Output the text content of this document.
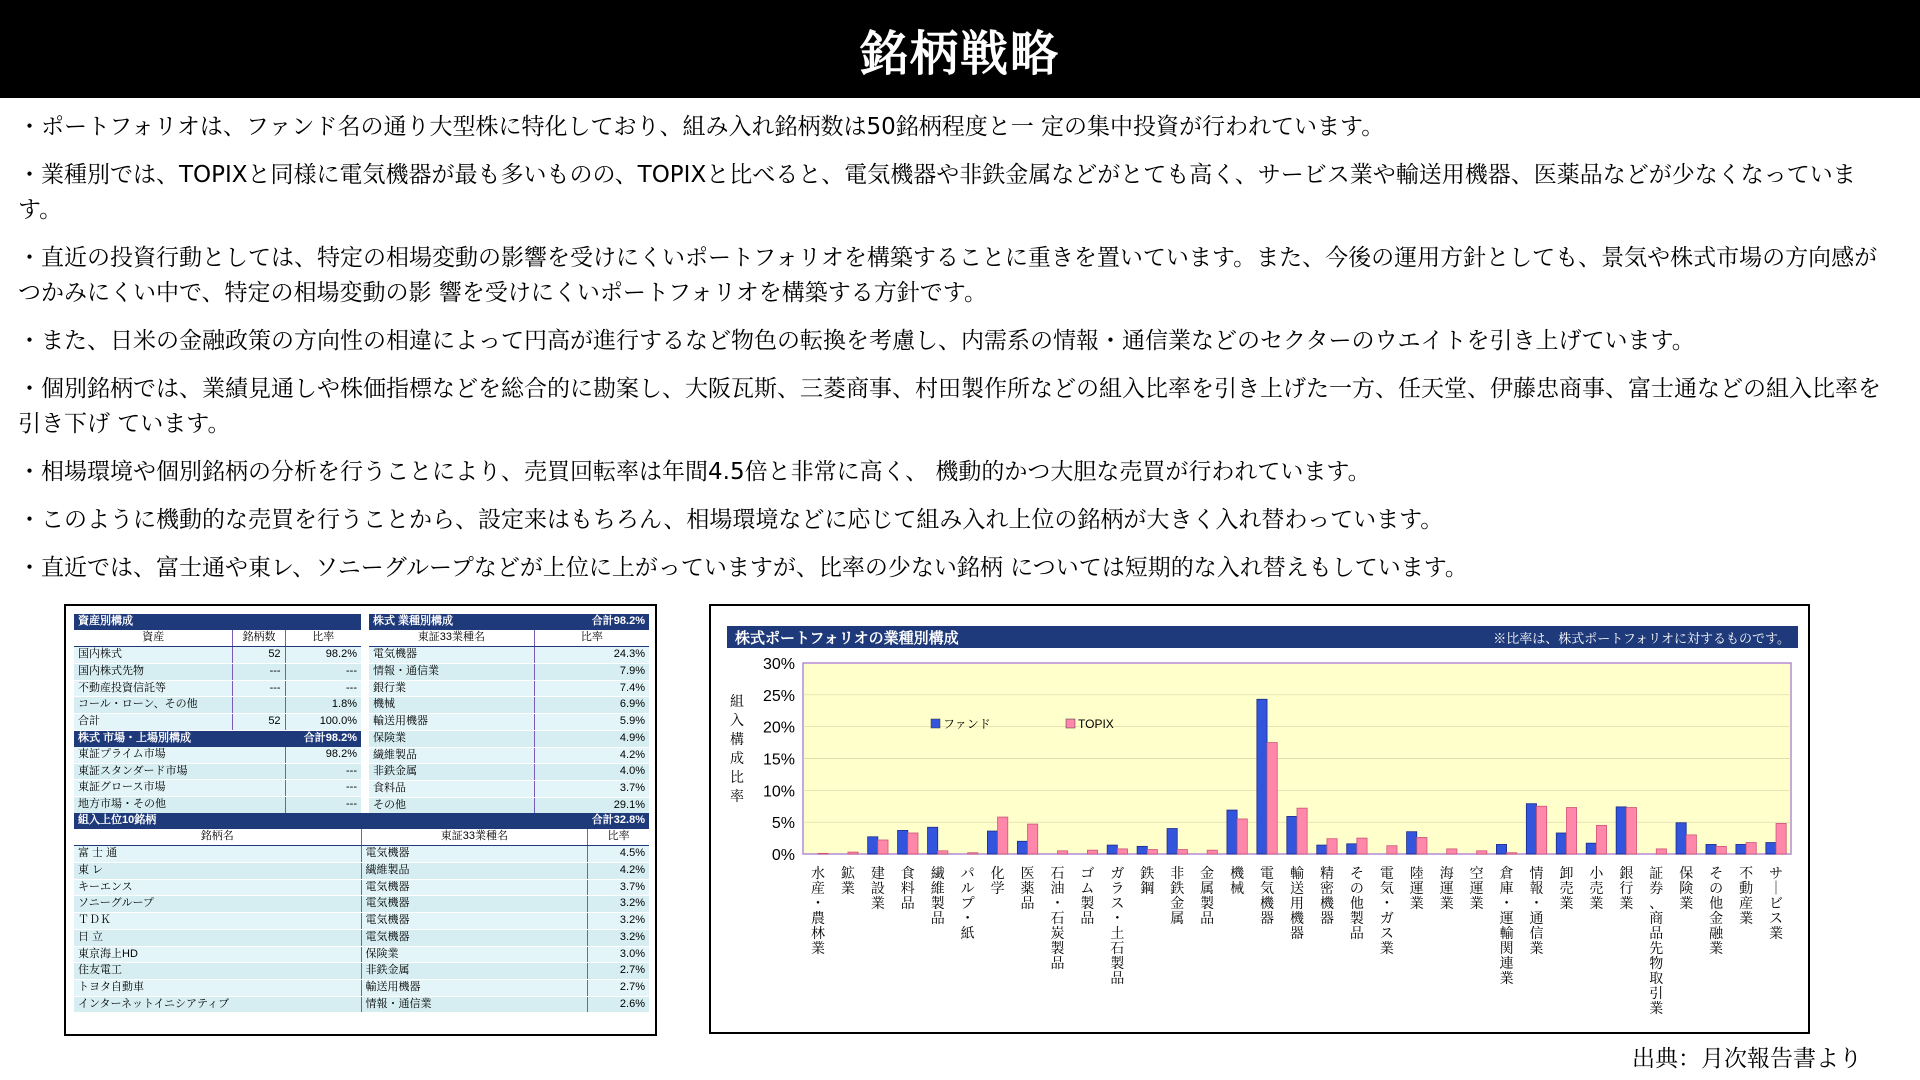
銘柄戦略

・ポートフォリオは、ファンド名の通り大型株に特化しており、組み入れ銘柄数は50銘柄程度と一 定の集中投資が行われています。

・業種別では、TOPIXと同様に電気機器が最も多いものの、TOPIXと比べると、電気機器や非鉄金属などがとても高く、サービス業や輸送用機器、医薬品などが少なくなっています。

・直近の投資行動としては、特定の相場変動の影響を受けにくいポートフォリオを構築することに重きを置いています。また、今後の運用方針としても、景気や株式市場の方向感がつかみにくい中で、特定の相場変動の影 響を受けにくいポートフォリオを構築する方針です。

・また、日米の金融政策の方向性の相違によって円高が進行するなど物色の転換を考慮し、内需系の情報・通信業などのセクターのウエイトを引き上げています。

・個別銘柄では、業績見通しや株価指標などを総合的に勘案し、大阪瓦斯、三菱商事、村田製作所などの組入比率を引き上げた一方、任天堂、伊藤忠商事、富士通などの組入比率を引き下げ ています。

・相場環境や個別銘柄の分析を行うことにより、売買回転率は年間4.5倍と非常に高く、 機動的かつ大胆な売買が行われています。

・このように機動的な売買を行うことから、設定来はもちろん、相場環境などに応じて組み入れ上位の銘柄が大きく入れ替わっています。

・直近では、富士通や東レ、ソニーグループなどが上位に上がっていますが、比率の少ない銘柄 については短期的な入れ替えもしています。

資産別構成		
資産	銘柄数	比率
国内株式	52	98.2%
国内株式先物	---	---
不動産投資信託等	---	---
コール・ローン、その他		1.8%
合計	52	100.0%
株式 市場・上場別構成		合計98.2%
東証プライム市場		98.2%
東証スタンダード市場		---
東証グロース市場		---
地方市場・その他		---
株式 業種別構成	合計98.2%
東証33業種名	比率
電気機器	24.3%
情報・通信業	7.9%
銀行業	7.4%
機械	6.9%
輸送用機器	5.9%
保険業	4.9%
繊維製品	4.2%
非鉄金属	4.0%
食料品	3.7%
その他	29.1%
組入上位10銘柄		合計32.8%
銘柄名	東証33業種名	比率
富 士 通	電気機器	4.5%
東 レ	繊維製品	4.2%
キーエンス	電気機器	3.7%
ソニーグループ	電気機器	3.2%
ＴＤＫ	電気機器	3.2%
日 立	電気機器	3.2%
東京海上HD	保険業	3.0%
住友電工	非鉄金属	2.7%
トヨタ自動車	輸送用機器	2.7%
インターネットイニシアティブ	情報・通信業	2.6%
株式ポートフォリオの業種別構成	※比率は、株式ポートフォリオに対するものです。
0%
5%
10%
15%
20%
25%
30%
組
入
構
成
比
率
ファンド	TOPIX
水
産
・
農
林
業
鉱
業
建
設
業
食
料
品
繊
維
製
品
パ
ル
プ
・
紙
化
学
医
薬
品
石
油
・
石
炭
製
品
ゴ
ム
製
品
ガ
ラ
ス
・
土
石
製
品
鉄
鋼
非
鉄
金
属
金
属
製
品
機
械
電
気
機
器
輸
送
用
機
器
精
密
機
器
そ
の
他
製
品
電
気
・
ガ
ス
業
陸
運
業
海
運
業
空
運
業
倉
庫
・
運
輸
関
連
業
情
報
・
通
信
業
卸
売
業
小
売
業
銀
行
業
証
券
、
商
品
先
物
取
引
業
保
険
業
そ
の
他
金
融
業
不
動
産
業
サ
｜
ビ
ス
業
出典：月次報告書より
